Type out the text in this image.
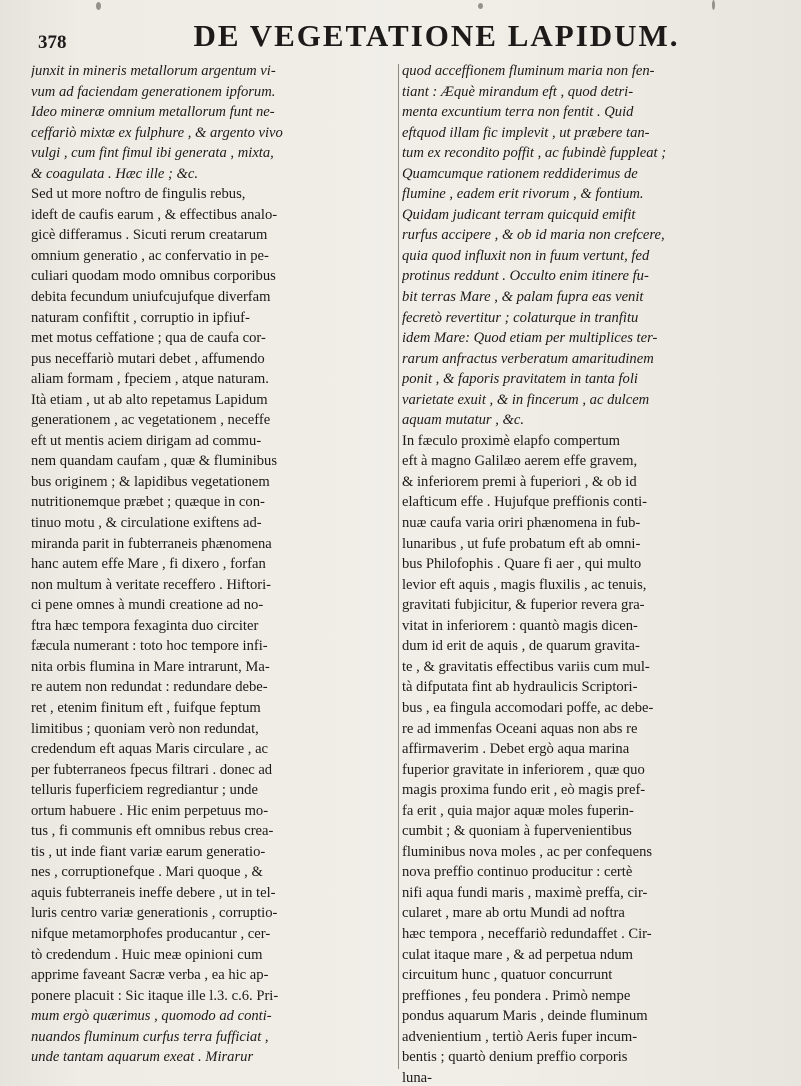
378	DE VEGETATIONE LAPIDUM.
junxit in mineris metallorum argentum vi-
vum ad faciendam generationem ipforum.
Ideo mineræ omnium metallorum funt ne-
ceffariò mixtæ ex fulphure , & argento vivo
vulgi , cum fint fimul ibi generata , mixta,
& coagulata . Hæc ille ; &c.
Sed ut more noftro de fingulis rebus,
ideft de caufis earum , & effectibus analo-
gicè differamus . Sicuti rerum creatarum
omnium generatio , ac confervatio in pe-
culiari quodam modo omnibus corporibus
debita fecundum uniufcujufque diverfam
naturam confiftit , corruptio in ipfiuf-
met motus ceffatione ; qua de caufa cor-
pus neceffariò mutari debet , affumendo
aliam formam , fpeciem , atque naturam.
Ità etiam , ut ab alto repetamus Lapidum
generationem , ac vegetationem , neceffe
eft ut mentis aciem dirigam ad commu-
nem quandam caufam , quæ & fluminibus
bus originem ; & lapidibus vegetationem
nutritionemque præbet ; quæque in con-
tinuo motu , & circulatione exiftens ad-
miranda parit in fubterraneis phænomena
hanc autem effe Mare , fi dixero , forfan
non multum à veritate receffero . Hiftori-
ci pene omnes à mundi creatione ad no-
ftra hæc tempora fexaginta duo circiter
fæcula numerant : toto hoc tempore infi-
nita orbis flumina in Mare intrarunt, Ma-
re autem non redundat : redundare debe-
ret , etenim finitum eft , fuifque feptum
limitibus ; quoniam verò non redundat,
credendum eft aquas Maris circulare , ac
per fubterraneos fpecus filtrari . donec ad
telluris fuperficiem regrediantur ; unde
ortum habuere . Hic enim perpetuus mo-
tus , fi communis eft omnibus rebus crea-
tis , ut inde fiant variæ earum generatio-
nes , corruptionefque . Mari quoque , &
aquis fubterraneis ineffe debere , ut in tel-
luris centro variæ generationis , corruptio-
nifque metamorphofes producantur , cer-
tò credendum . Huic meæ opinioni cum
apprime faveant Sacræ verba , ea hic ap-
ponere placuit : Sic itaque ille l.3. c.6. Pri-
mum ergò quærimus , quomodo ad conti-
nuandos fluminum curfus terra fufficiat ,
unde tantam aquarum exeat . Mirarur
quod acceffionem fluminum maria non fen-
tiant : Æquè mirandum eft , quod detri-
menta excuntium terra non fentit . Quid
eftquod illam fic implevit , ut præbere tan-
tum ex recondito poffit , ac fubindè fuppleat ;
Quamcumque rationem reddiderimus de
flumine , eadem erit rivorum , & fontium.
Quidam judicant terram quicquid emifit
rurfus accipere , & ob id maria non crefcere,
quia quod influxit non in fuum vertunt, fed
protinus reddunt . Occulto enim itinere fu-
bit terras Mare , & palam fupra eas venit
fecretò revertitur ; colaturque in tranfitu
idem Mare: Quod etiam per multiplices ter-
rarum anfractus verberatum amaritudinem
ponit , & faporis pravitatem in tanta foli
varietate exuit , & in fincerum , ac dulcem
aquam mutatur , &c.
In fæculo proximè elapfo compertum
eft à magno Galilæo aerem effe gravem,
& inferiorem premi à fuperiori , & ob id
elafticum effe . Hujufque preffionis conti-
nuæ caufa varia oriri phænomena in fub-
lunaribus , ut fufe probatum eft ab omni-
bus Philofophis . Quare fi aer , qui multo
levior eft aquis , magis fluxilis , ac tenuis,
gravitati fubjicitur, & fuperior revera gra-
vitat in inferiorem : quantò magis dicen-
dum id erit de aquis , de quarum gravita-
te , & gravitatis effectibus variis cum mul-
tà difputata fint ab hydraulicis Scriptori-
bus , ea fingula accomodari poffe, ac debe-
re ad immenfas Oceani aquas non abs re
affirmaverim . Debet ergò aqua marina
fuperior gravitate in inferiorem , quæ quo
magis proxima fundo erit , eò magis pref-
fa erit , quia major aquæ moles fuperin-
cumbit ; & quoniam à fupervenientibus
fluminibus nova moles , ac per confequens
nova preffio continuo producitur : certè
nifi aqua fundi maris , maximè preffa, cir-
cularet , mare ab ortu Mundi ad noftra
hæc tempora , neceffariò redundaffet . Cir-
culat itaque mare , & ad perpetua ndum
circuitum hunc , quatuor concurrunt
preffiones , feu pondera . Primò nempe
pondus aquarum Maris , deinde fluminum
advenientium , tertiò Aeris fuper incum-
bentis ; quartò denium preffio corporis
luna-
